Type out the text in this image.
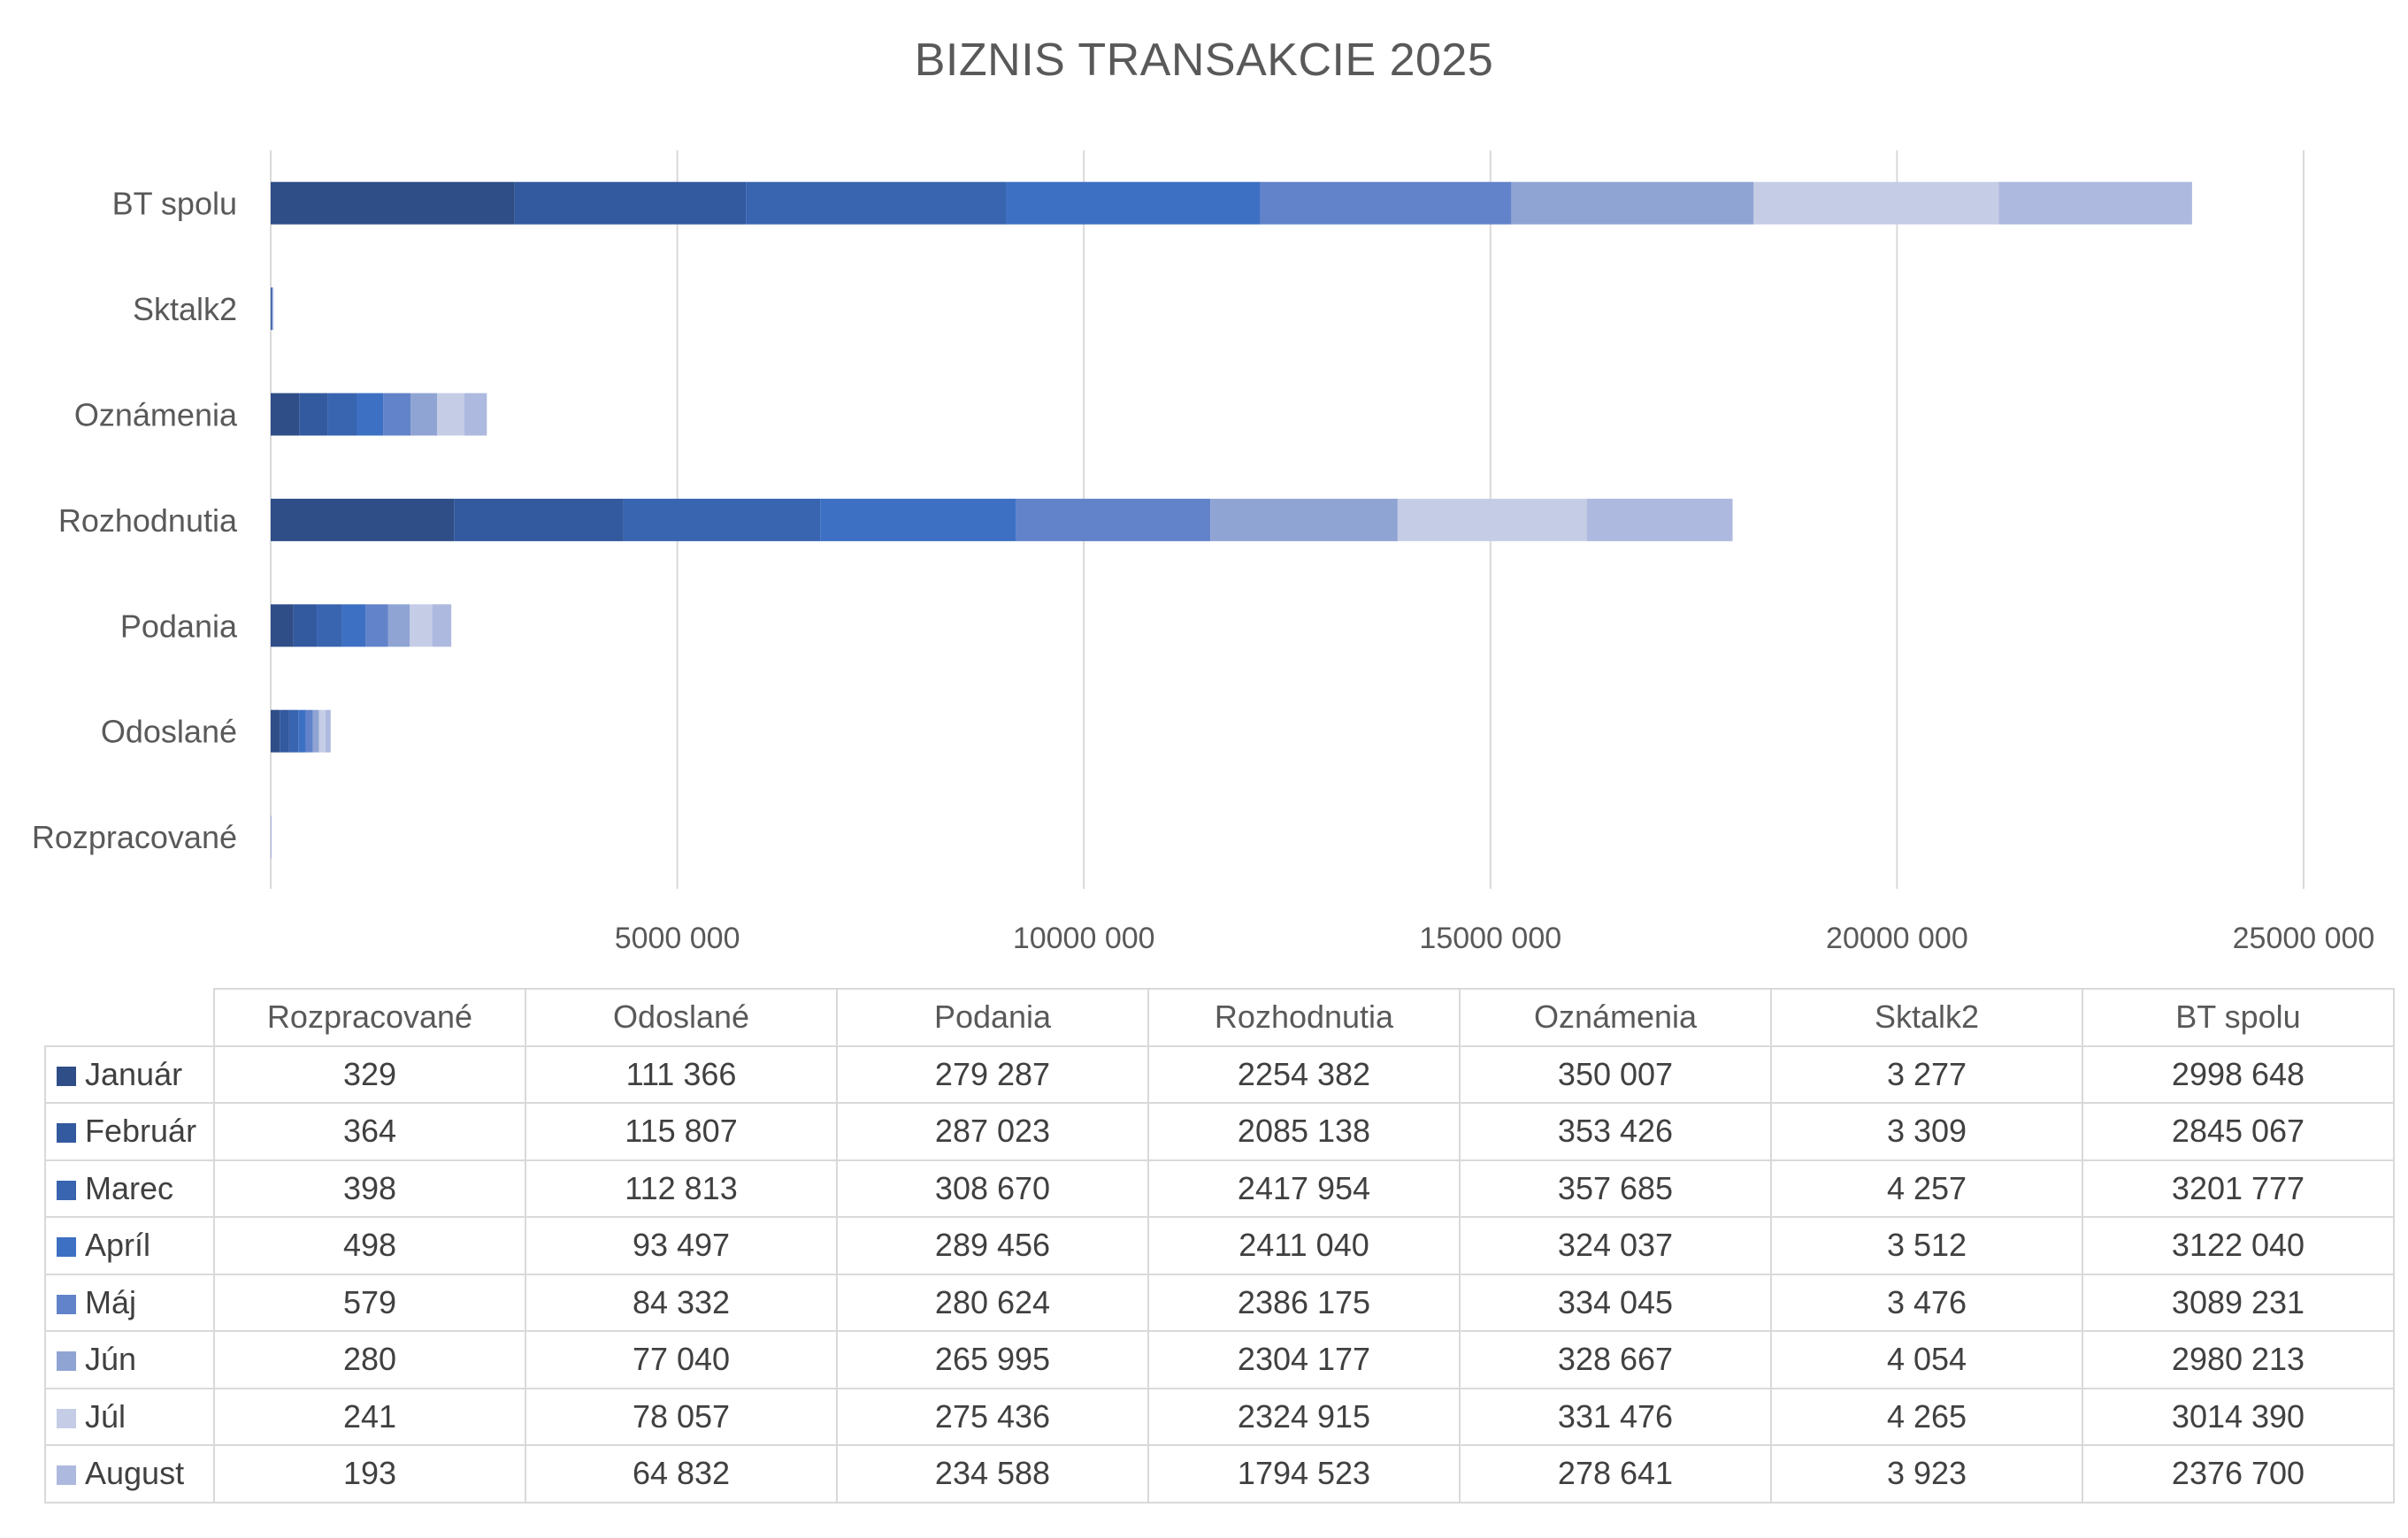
BIZNIS TRANSAKCIE 2025
Rozpracované
Odoslané
Podania
Rozhodnutia
Oznámenia
Sktalk2
BT spolu
5000 000	10000 000	15000 000	20000 000	25000 000
	Rozpracované	Odoslané	Podania	Rozhodnutia	Oznámenia	Sktalk2	BT spolu
Január	329	111 366	279 287	2254 382	350 007	3 277	2998 648
Február	364	115 807	287 023	2085 138	353 426	3 309	2845 067
Marec	398	112 813	308 670	2417 954	357 685	4 257	3201 777
Apríl	498	93 497	289 456	2411 040	324 037	3 512	3122 040
Máj	579	84 332	280 624	2386 175	334 045	3 476	3089 231
Jún	280	77 040	265 995	2304 177	328 667	4 054	2980 213
Júl	241	78 057	275 436	2324 915	331 476	4 265	3014 390
August	193	64 832	234 588	1794 523	278 641	3 923	2376 700
